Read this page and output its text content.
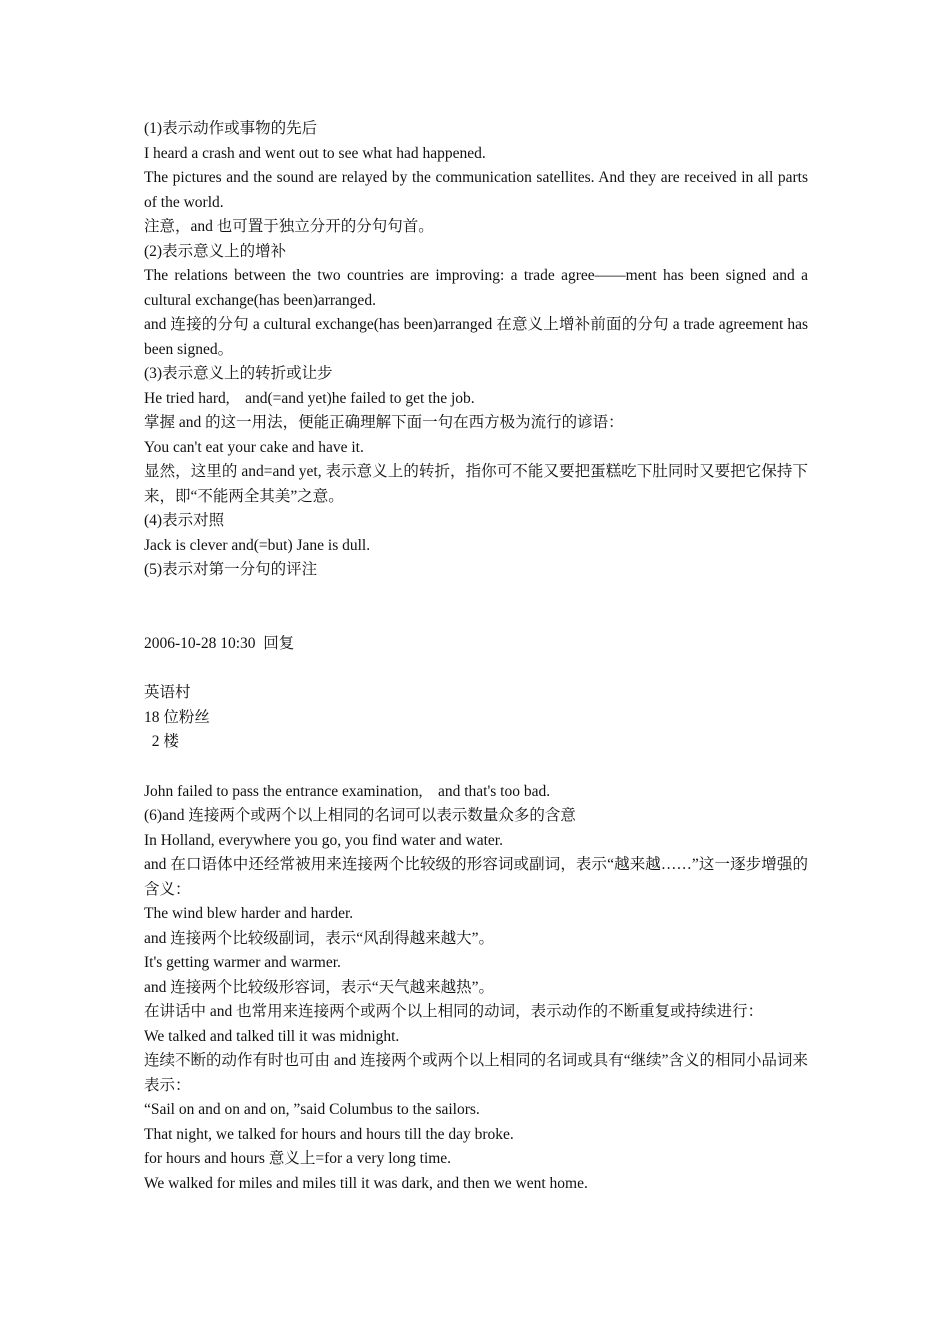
(1)表示动作或事物的先后

I heard a crash and went out to see what had happened.

The pictures and the sound are relayed by the communication satellites. And they are received in all parts of the world.

注意，and 也可置于独立分开的分句句首。

(2)表示意义上的增补

The relations between the two countries are improving: a trade agree——ment has been signed and a cultural exchange(has been)arranged.

and 连接的分句 a cultural exchange(has been)arranged 在意义上增补前面的分句 a trade agreement has been signed。

(3)表示意义上的转折或让步

He tried hard,　and(=and yet)he failed to get the job.

掌握 and 的这一用法，便能正确理解下面一句在西方极为流行的谚语：

You can't eat your cake and have it.

显然，这里的 and=and yet, 表示意义上的转折，指你可不能又要把蛋糕吃下肚同时又要把它保持下来，即“不能两全其美”之意。

(4)表示对照

Jack is clever and(=but) Jane is dull.

(5)表示对第一分句的评注

2006-10-28 10:30 回复

英语村

18 位粉丝

2 楼

John failed to pass the entrance examination,　and that's too bad.

(6)and 连接两个或两个以上相同的名词可以表示数量众多的含意

In Holland, everywhere you go, you find water and water.

and 在口语体中还经常被用来连接两个比较级的形容词或副词，表示“越来越……”这一逐步增强的含义：

The wind blew harder and harder.

and 连接两个比较级副词，表示“风刮得越来越大”。

It's getting warmer and warmer.

and 连接两个比较级形容词，表示“天气越来越热”。

在讲话中 and 也常用来连接两个或两个以上相同的动词，表示动作的不断重复或持续进行：

We talked and talked till it was midnight.

连续不断的动作有时也可由 and 连接两个或两个以上相同的名词或具有“继续”含义的相同小品词来表示：

“Sail on and on and on, ”said Columbus to the sailors.

That night, we talked for hours and hours till the day broke.

for hours and hours 意义上=for a very long time.

We walked for miles and miles till it was dark, and then we went home.
